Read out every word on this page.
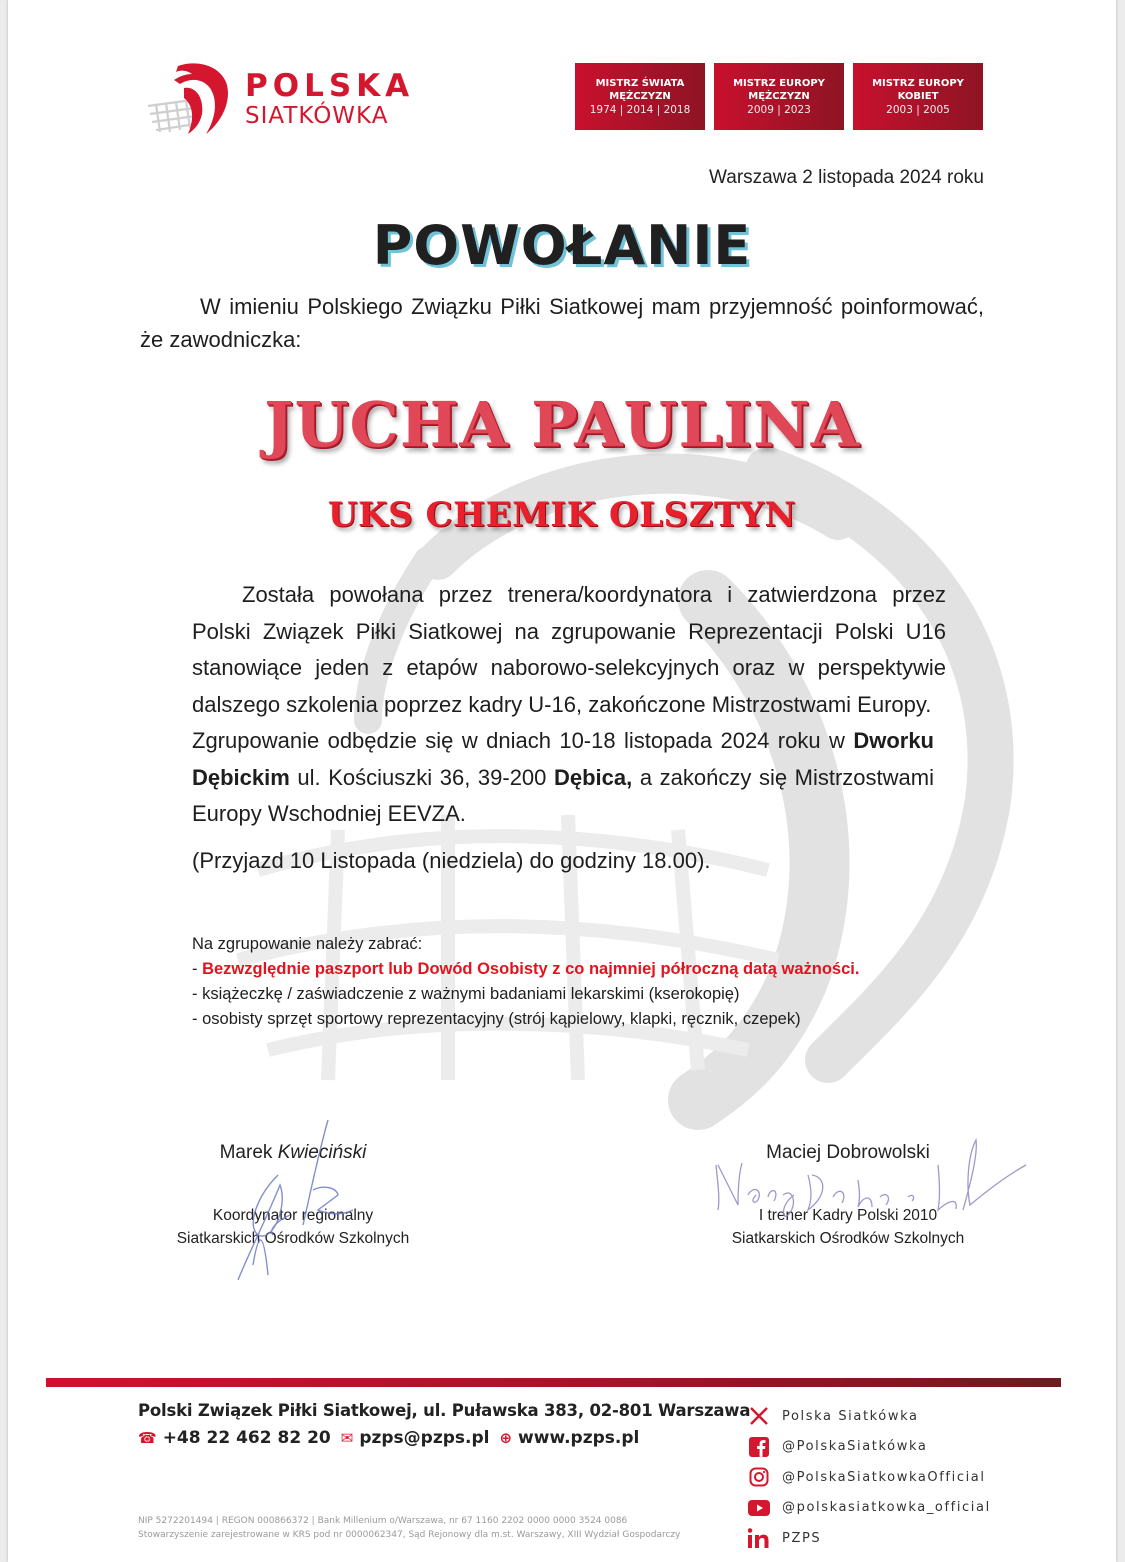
POLSKA
SIATKÓWKA
MISTRZ ŚWIATA
MĘŻCZYZN
1974 | 2014 | 2018
MISTRZ EUROPY
MĘŻCZYZN
2009 | 2023
MISTRZ EUROPY
KOBIET
2003 | 2005
Warszawa 2 listopada 2024 roku
POWOŁANIE

W imieniu Polskiego Związku Piłki Siatkowej mam przyjemność poinformować, że zawodniczka:

JUCHA PAULINA
UKS CHEMIK OLSZTYN

Została powołana przez trenera/koordynatora i zatwierdzona przez Polski Związek Piłki Siatkowej na zgrupowanie Reprezentacji Polski U16 stanowiące jeden z etapów naborowo-selekcyjnych oraz w perspektywie dalszego szkolenia poprzez kadry U-16, zakończone Mistrzostwami Europy.

Zgrupowanie odbędzie się w dniach 10-18 listopada 2024 roku w Dworku Dębickim ul. Kościuszki 36, 39-200 Dębica, a zakończy się Mistrzostwami Europy Wschodniej EEVZA.

(Przyjazd 10 Listopada (niedziela) do godziny 18.00).

Na zgrupowanie należy zabrać:
- Bezwzględnie paszport lub Dowód Osobisty z co najmniej półroczną datą ważności.
- książeczkę / zaświadczenie z ważnymi badaniami lekarskimi (kserokopię)
- osobisty sprzęt sportowy reprezentacyjny (strój kąpielowy, klapki, ręcznik, czepek)
Marek Kwieciński
Koordynator regionalny
Siatkarskich Ośrodków Szkolnych
Maciej Dobrowolski
I trener Kadry Polski 2010
Siatkarskich Ośrodków Szkolnych
Polski Związek Piłki Siatkowej, ul. Puławska 383, 02-801 Warszawa
☎ +48 22 462 82 20 ✉ pzps@pzps.pl ⊕ www.pzps.pl
NIP 5272201494 | REGON 000866372 | Bank Millenium o/Warszawa, nr 67 1160 2202 0000 0000 3524 0086
Stowarzyszenie zarejestrowane w KRS pod nr 0000062347, Sąd Rejonowy dla m.st. Warszawy, XIII Wydział Gospodarczy
Polska Siatkówka
@PolskaSiatkówka
@PolskaSiatkowkaOfficial
@polskasiatkowka_official
PZPS
